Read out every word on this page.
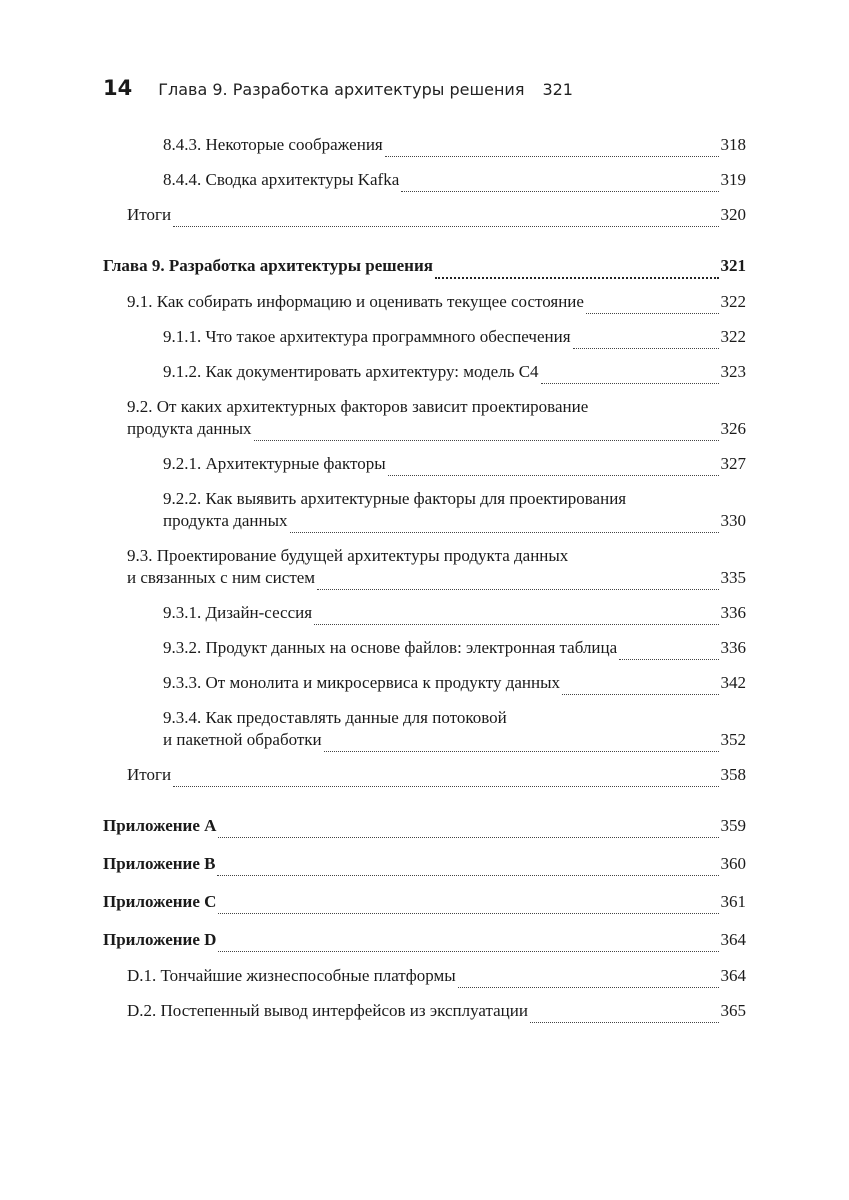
14 Глава 9. Разработка архитектуры решения 321
8.4.3. Некоторые соображения	318
8.4.4. Сводка архитектуры Kafka	319
Итоги	320
Глава 9. Разработка архитектуры решения	321
9.1. Как собирать информацию и оценивать текущее состояние	322
9.1.1. Что такое архитектура программного обеспечения	322
9.1.2. Как документировать архитектуру: модель C4	323
9.2. От каких архитектурных факторов зависит проектирование
продукта данных	326
9.2.1. Архитектурные факторы	327
9.2.2. Как выявить архитектурные факторы для проектирования
продукта данных	330
9.3. Проектирование будущей архитектуры продукта данных
и связанных с ним систем	335
9.3.1. Дизайн-сессия	336
9.3.2. Продукт данных на основе файлов: электронная таблица	336
9.3.3. От монолита и микросервиса к продукту данных	342
9.3.4. Как предоставлять данные для потоковой
и пакетной обработки	352
Итоги	358
Приложение A	359
Приложение B	360
Приложение C	361
Приложение D	364
D.1. Тончайшие жизнеспособные платформы	364
D.2. Постепенный вывод интерфейсов из эксплуатации	365
